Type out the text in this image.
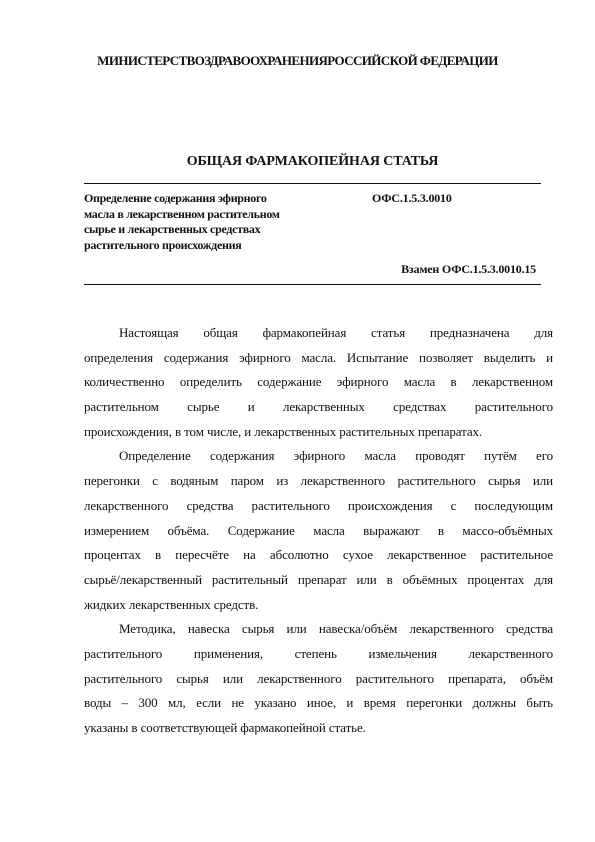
МИНИСТЕРСТВОЗДРАВООХРАНЕНИЯРОССИЙСКОЙ ФЕДЕРАЦИИ
ОБЩАЯ ФАРМАКОПЕЙНАЯ СТАТЬЯ
Определение содержания эфирного
масла в лекарственном растительном
сырье и лекарственных средствах
растительного происхождения
ОФС.1.5.3.0010
Взамен ОФС.1.5.3.0010.15
Настоящая общая фармакопейная статья предназначена для
определения содержания эфирного масла. Испытание позволяет выделить и
количественно определить содержание эфирного масла в лекарственном
растительном сырье и лекарственных средствах растительного
происхождения, в том числе, и лекарственных растительных препаратах.
Определение содержания эфирного масла проводят путём его
перегонки с водяным паром из лекарственного растительного сырья или
лекарственного средства растительного происхождения с последующим
измерением объёма. Содержание масла выражают в массо-объёмных
процентах в пересчёте на абсолютно сухое лекарственное растительное
сырьё/лекарственный растительный препарат или в объёмных процентах для
жидких лекарственных средств.
Методика, навеска сырья или навеска/объём лекарственного средства
растительного применения, степень измельчения лекарственного
растительного сырья или лекарственного растительного препарата, объём
воды – 300 мл, если не указано иное, и время перегонки должны быть
указаны в соответствующей фармакопейной статье.
